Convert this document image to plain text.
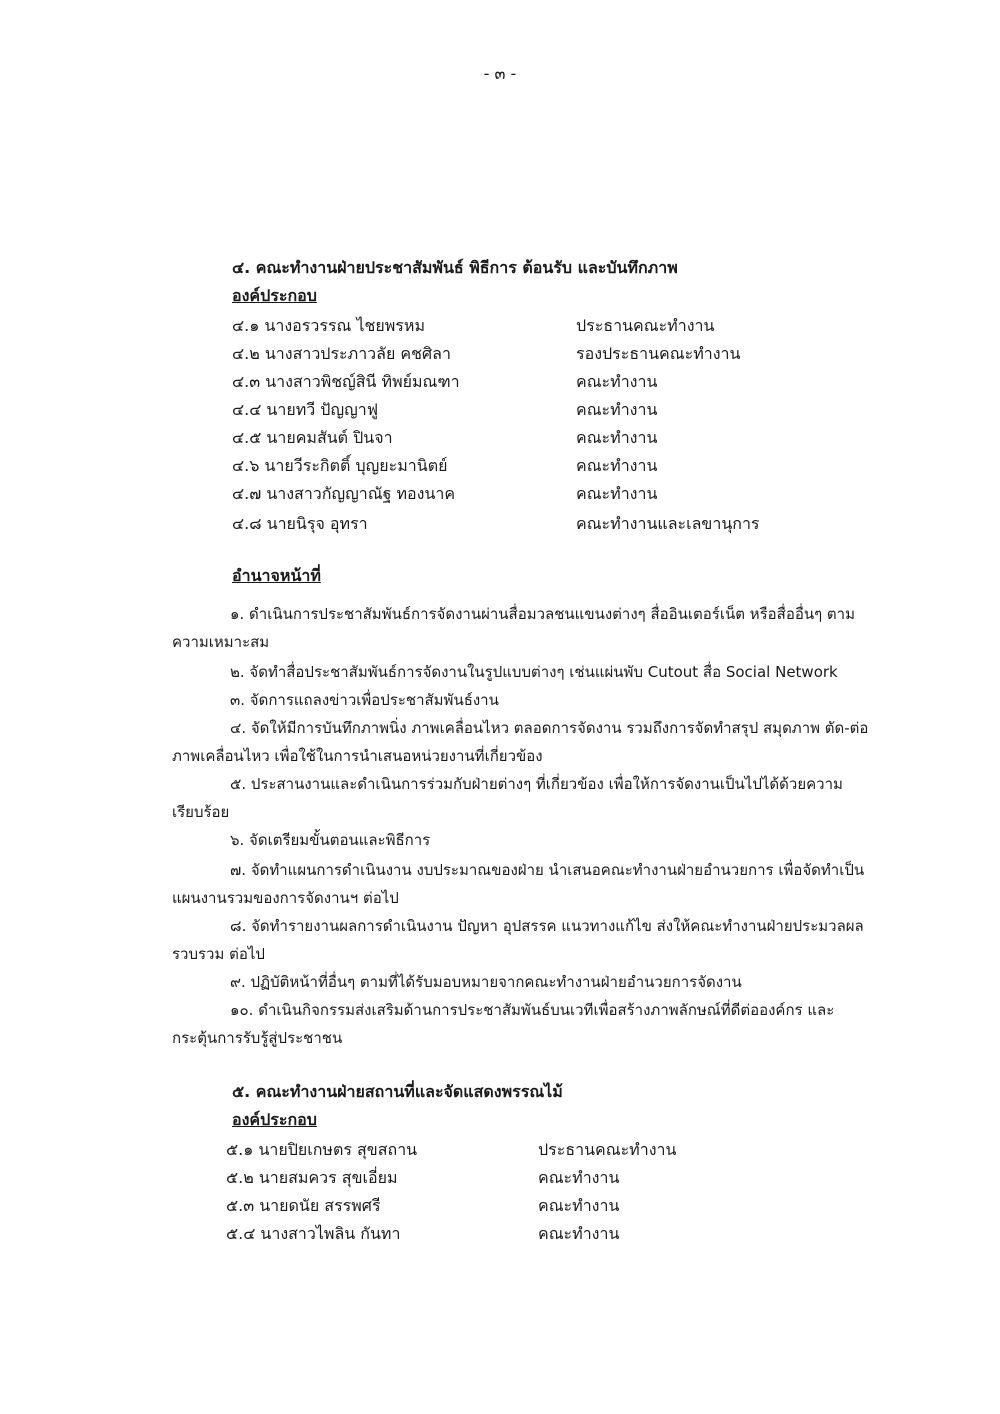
- ๓ -
๔. คณะทำงานฝ่ายประชาสัมพันธ์ พิธีการ ต้อนรับ และบันทึกภาพ
องค์ประกอบ
๔.๑ นางอรวรรณ ไชยพรหม	ประธานคณะทำงาน
๔.๒ นางสาวประภาวลัย คชศิลา	รองประธานคณะทำงาน
๔.๓ นางสาวพิชญ์สินี ทิพย์มณฑา	คณะทำงาน
๔.๔ นายทวี ปัญญาฟู	คณะทำงาน
๔.๕ นายคมสันต์ ปินจา	คณะทำงาน
๔.๖ นายวีระกิตติ์ บุญยะมานิตย์	คณะทำงาน
๔.๗ นางสาวกัญญาณัฐ ทองนาค	คณะทำงาน
๔.๘ นายนิรุจ อุทรา	คณะทำงานและเลขานุการ
อำนาจหน้าที่
๑. ดำเนินการประชาสัมพันธ์การจัดงานผ่านสื่อมวลชนแขนงต่างๆ สื่ออินเตอร์เน็ต หรือสื่ออื่นๆ ตามความเหมาะสม
๒. จัดทำสื่อประชาสัมพันธ์การจัดงานในรูปแบบต่างๆ เช่นแผ่นพับ Cutout สื่อ Social Network
๓. จัดการแถลงข่าวเพื่อประชาสัมพันธ์งาน
๔. จัดให้มีการบันทึกภาพนิ่ง ภาพเคลื่อนไหว ตลอดการจัดงาน รวมถึงการจัดทำสรุป สมุดภาพ ตัด-ต่อภาพเคลื่อนไหว เพื่อใช้ในการนำเสนอหน่วยงานที่เกี่ยวข้อง
๕. ประสานงานและดำเนินการร่วมกับฝ่ายต่างๆ ที่เกี่ยวข้อง เพื่อให้การจัดงานเป็นไปได้ด้วยความเรียบร้อย
๖. จัดเตรียมขั้นตอนและพิธีการ
๗. จัดทำแผนการดำเนินงาน งบประมาณของฝ่าย นำเสนอคณะทำงานฝ่ายอำนวยการ เพื่อจัดทำเป็นแผนงานรวมของการจัดงานฯ ต่อไป
๘. จัดทำรายงานผลการดำเนินงาน ปัญหา อุปสรรค แนวทางแก้ไข ส่งให้คณะทำงานฝ่ายประมวลผลรวบรวม ต่อไป
๙. ปฏิบัติหน้าที่อื่นๆ ตามที่ได้รับมอบหมายจากคณะทำงานฝ่ายอำนวยการจัดงาน
๑๐. ดำเนินกิจกรรมส่งเสริมด้านการประชาสัมพันธ์บนเวทีเพื่อสร้างภาพลักษณ์ที่ดีต่อองค์กร และกระตุ้นการรับรู้สู่ประชาชน
๕. คณะทำงานฝ่ายสถานที่และจัดแสดงพรรณไม้
องค์ประกอบ
๕.๑ นายปิยเกษตร สุขสถาน	ประธานคณะทำงาน
๕.๒ นายสมควร สุขเอี่ยม	คณะทำงาน
๕.๓ นายดนัย สรรพศรี	คณะทำงาน
๕.๔ นางสาวไพลิน กันทา	คณะทำงาน
